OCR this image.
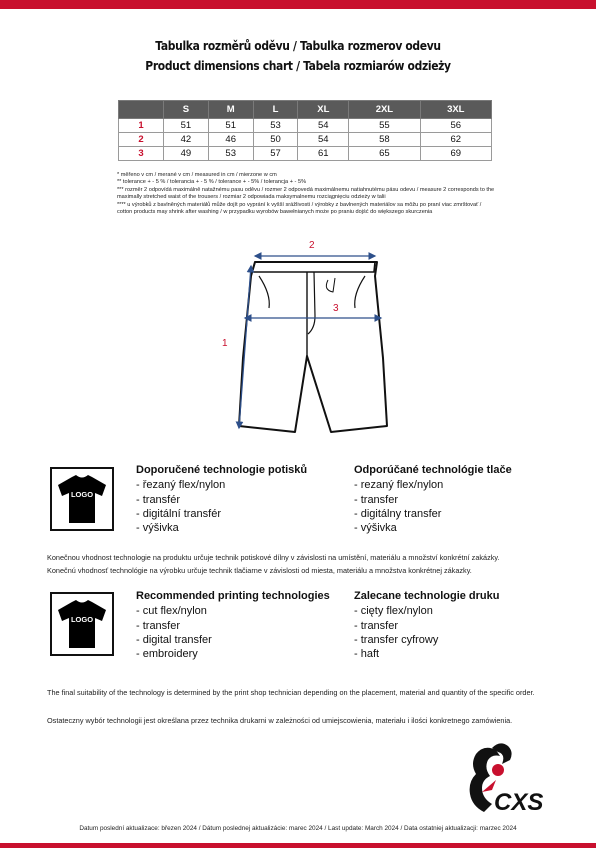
Tabulka rozměrů oděvu / Tabulka rozmerov odevu
Product dimensions chart / Tabela rozmiarów odzieży
	S	M	L	XL	2XL	3XL
1	51	51	53	54	55	56
2	42	46	50	54	58	62
3	49	53	57	61	65	69
* měřeno v cm / merané v cm / measured in cm / mierzone w cm
** tolerance + - 5 % / tolerancia + - 5 % / tolerance + - 5% / tolerancja + - 5%
*** rozměr 2 odpovídá maximálně natažnému pasu oděvu / rozmer 2 odpovedá maximálnemu natiahnutému pásu odevu / measure 2 corresponds to the maximally stretched waist of the trousers / rozmiar 2 odpowiada maksymalnemu rozciągnięciu odzieży w talii
**** u výrobků z bavlněných materiálů může dojít po vyprání k vyšší srážlivosti / výrobky z bavlnených materiálov sa môžu po praní viac zmrštovať / cotton products may shrink after washing / w przypadku wyrobów bawełnianych może po praniu dojść do większego skurczenia
2
3
1
LOGO
Doporučené technologie potisků
- řezaný flex/nylon
- transfér
- digitální transfér
- výšivka
Odporúčané technológie tlače
- rezaný flex/nylon
- transfer
- digitálny transfer
- výšivka
Konečnou vhodnost technologie na produktu určuje technik potiskové dílny v závislosti na umístění, materiálu a množství konkrétní zakázky.
Konečnú vhodnosť technológie na výrobku určuje technik tlačiarne v závislosti od miesta, materiálu a množstva konkrétnej zákazky.
LOGO
Recommended printing technologies
- cut flex/nylon
- transfer
- digital transfer
- embroidery
Zalecane technologie druku
- cięty flex/nylon
- transfer
- transfer cyfrowy
- haft
The final suitability of the technology is determined by the print shop technician depending on the placement, material and quantity of the specific order.
Ostateczny wybór technologii jest określana przez technika drukarni w zależności od umiejscowienia, materiału i ilości konkretnego zamówienia.
CXS
Datum poslední aktualizace: březen 2024 / Dátum poslednej aktualizácie: marec 2024 / Last update: March 2024 / Data ostatniej aktualizacji: marzec 2024
